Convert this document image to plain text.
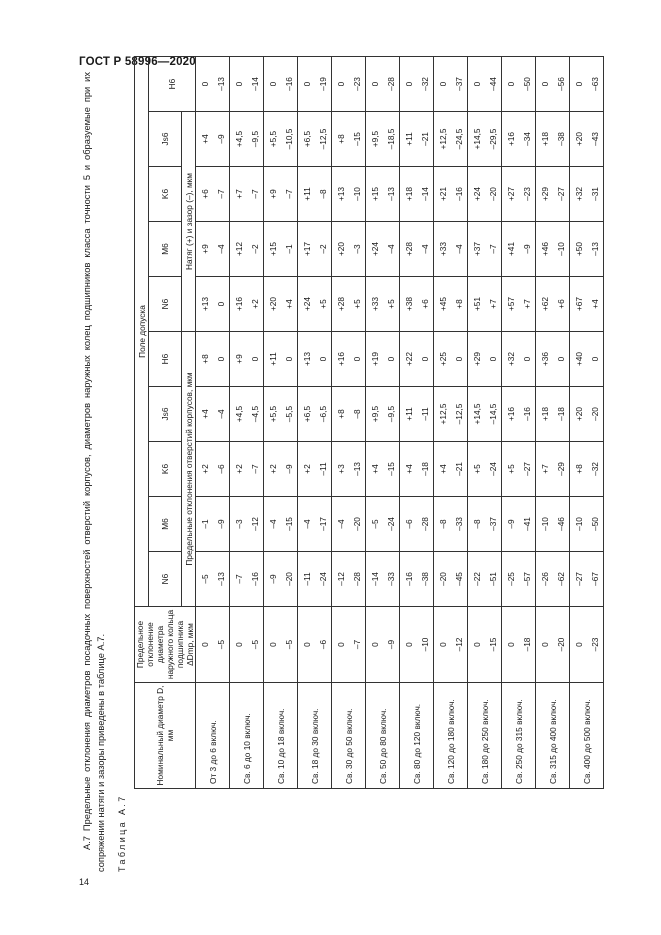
ГОСТ Р 58996—2020

А.7 Предельные отклонения диаметров посадочных поверхностей отверстий корпусов, диаметров наружных колец подшипников класса точности 5 и образуемые при их сопряжении натяги и зазоры приведены в таблице А.7. Таблица А.7
Номинальный диаметр D, мм	Предельное отклонение диаметра наружного кольца подшипника ΔDmp, мкм	Поле допуска									
		N6	M6	K6	Js6	H6	N6	M6	K6	Js6	H6
		Предельные отклонения отверстий корпусов, мкм					Натяг (+) и зазор (–), мкм				
От 3 до 6 включ.	0 –5	–5 –13	–1 –9	+2 –6	+4 –4	+8 0	+13 0	+9 –4	+6 –7	+4 –9	0 –13

Св. 6 до 10 включ.	0 –5	–7 –16	–3 –12	+2 –7	+4,5 –4,5	+9 0	+16 +2	+12 –2	+7 –7	+4,5 –9,5	0 –14

Св. 10 до 18 включ.	0 –5	–9 –20	–4 –15	+2 –9	+5,5 –5,5	+11 0	+20 +4	+15 –1	+9 –7	+5,5 –10,5	0 –16

Св. 18 до 30 включ.	0 –6	–11 –24	–4 –17	+2 –11	+6,5 –6,5	+13 0	+24 +5	+17 –2	+11 –8	+6,5 –12,5	0 –19

Св. 30 до 50 включ.	0 –7	–12 –28	–4 –20	+3 –13	+8 –8	+16 0	+28 +5	+20 –3	+13 –10	+8 –15	0 –23

Св. 50 до 80 включ.	0 –9	–14 –33	–5 –24	+4 –15	+9,5 –9,5	+19 0	+33 +5	+24 –4	+15 –13	+9,5 –18,5	0 –28

Св. 80 до 120 включ.	0 –10	–16 –38	–6 –28	+4 –18	+11 –11	+22 0	+38 +6	+28 –4	+18 –14	+11 –21	0 –32

Св. 120 до 180 включ.	0 –12	–20 –45	–8 –33	+4 –21	+12,5 –12,5	+25 0	+45 +8	+33 –4	+21 –16	+12,5 –24,5	0 –37

Св. 180 до 250 включ.	0 –15	–22 –51	–8 –37	+5 –24	+14,5 –14,5	+29 0	+51 +7	+37 –7	+24 –20	+14,5 –29,5	0 –44

Св. 250 до 315 включ.	0 –18	–25 –57	–9 –41	+5 –27	+16 –16	+32 0	+57 +7	+41 –9	+27 –23	+16 –34	0 –50

Св. 315 до 400 включ.	0 –20	–26 –62	–10 –46	+7 –29	+18 –18	+36 0	+62 +6	+46 –10	+29 –27	+18 –38	0 –56

Св. 400 до 500 включ.	0 –23	–27 –67	–10 –50	+8 –32	+20 –20	+40 0	+67 +4	+50 –13	+32 –31	+20 –43	0 –63
14
